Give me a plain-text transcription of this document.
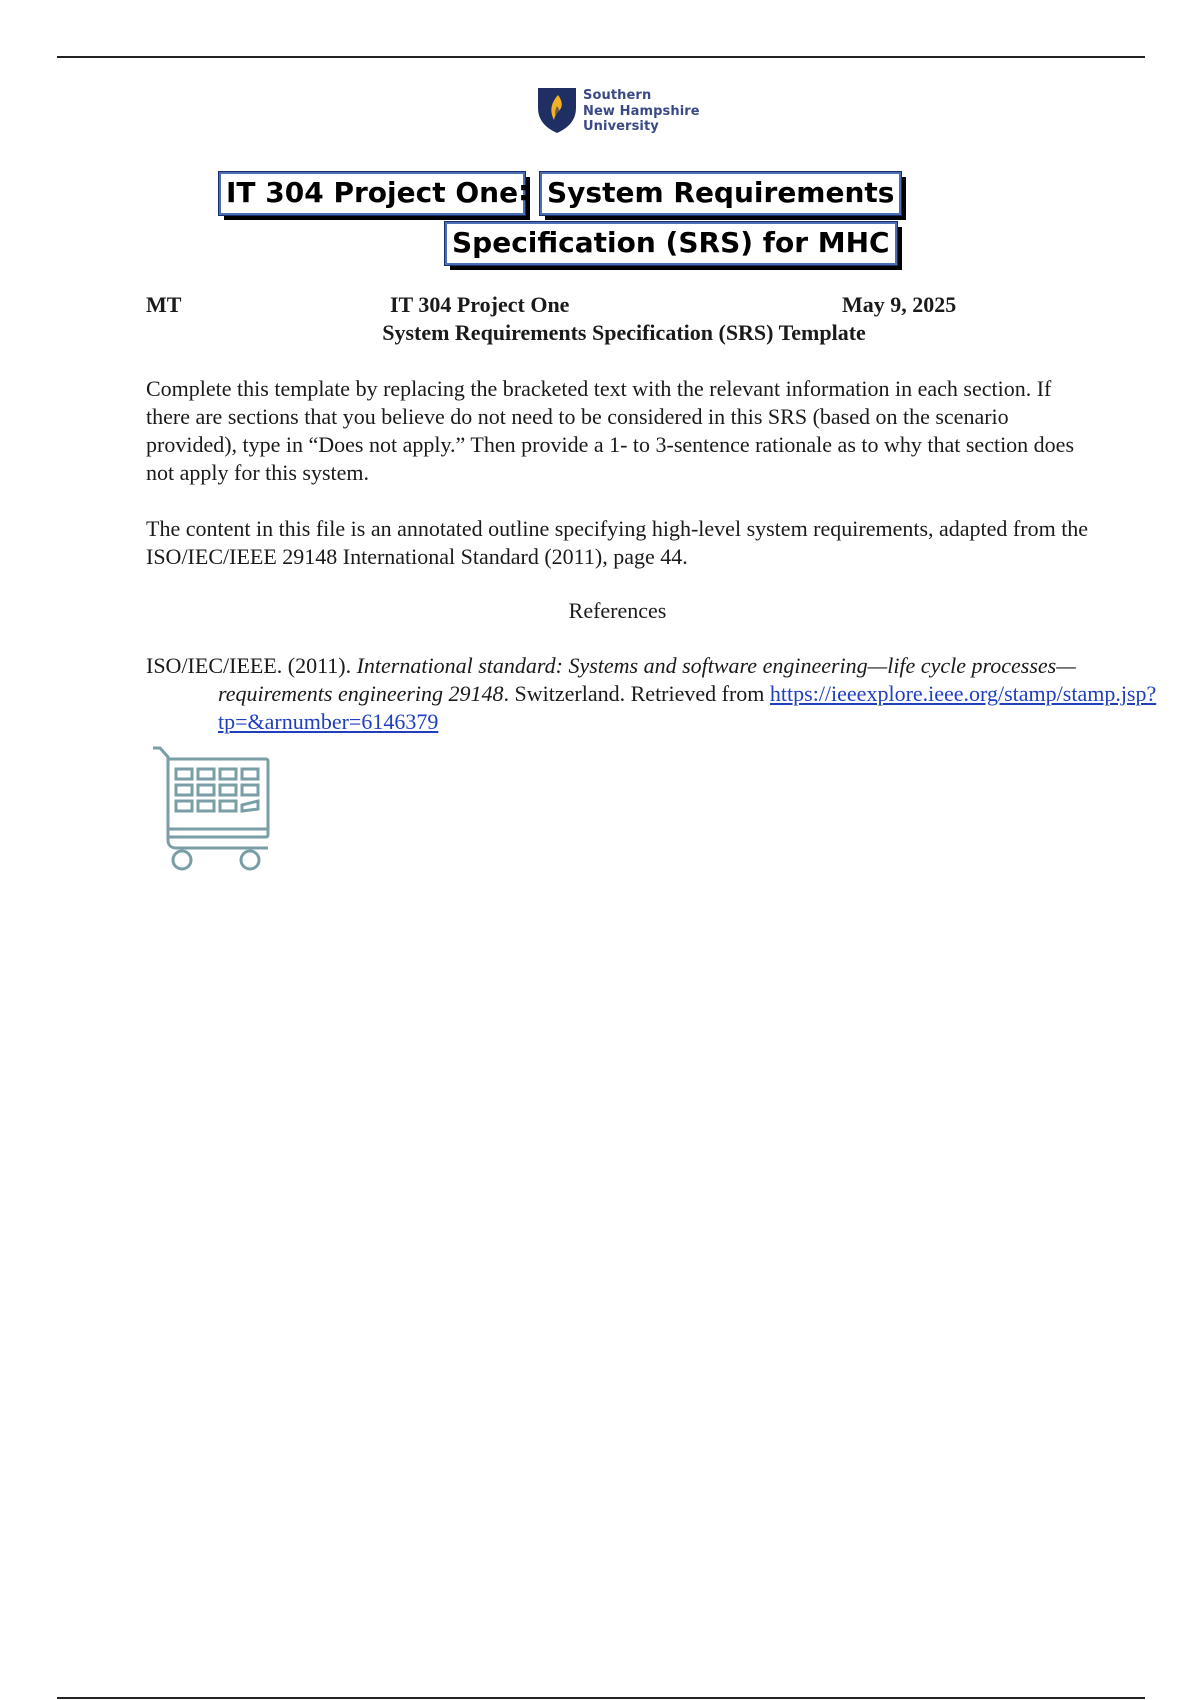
Southern
New Hampshire
University
IT 304 Project One : System Requirements
Specification (SRS) for MHC
MT	IT 304 Project One	May 9, 2025
System Requirements Specification (SRS) Template

Complete this template by replacing the bracketed text with the relevant information in each section. If there are sections that you believe do not need to be considered in this SRS (based on the scenario provided), type in “Does not apply.” Then provide a 1- to 3-sentence rationale as to why that section does not apply for this system.

The content in this file is an annotated outline specifying high-level system requirements, adapted from the ISO/IEC/IEEE 29148 International Standard (2011), page 44.

References
ISO/IEC/IEEE. (2011). International standard: Systems and software engineering—life cycle processes—requirements engineering 29148. Switzerland. Retrieved from https://ieeexplore.ieee.org/stamp/stamp.jsp?tp=&arnumber=6146379
